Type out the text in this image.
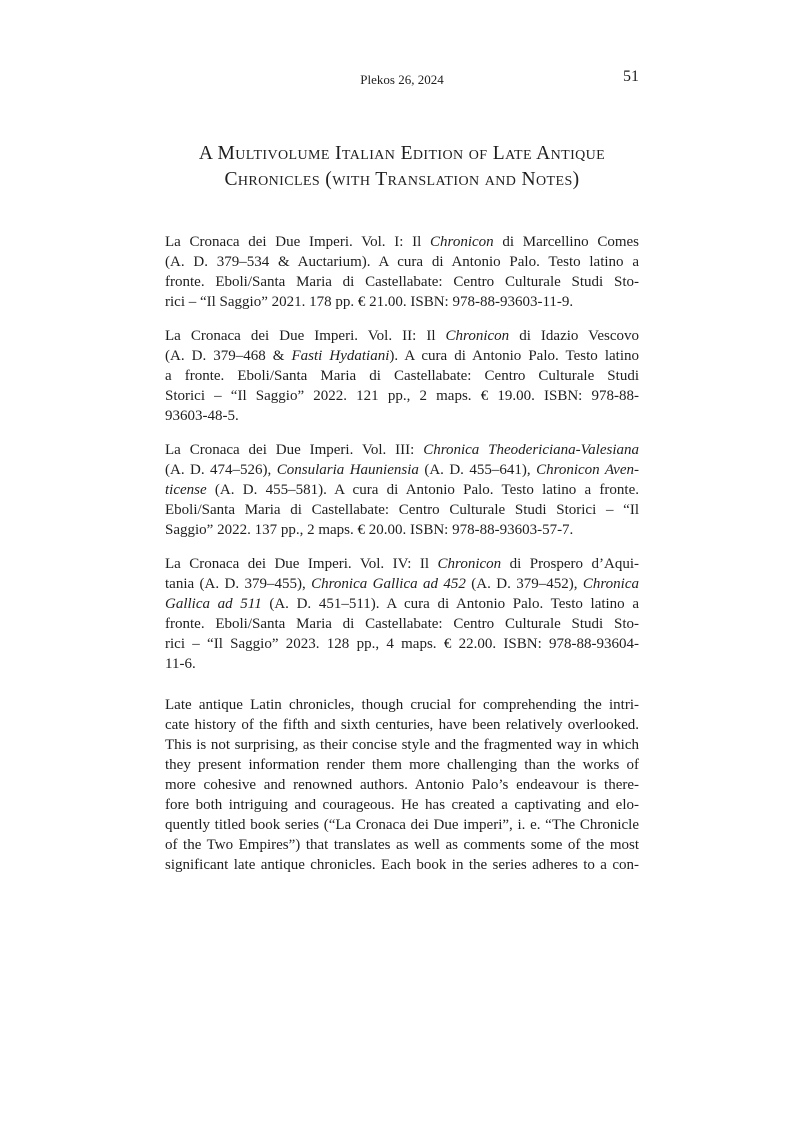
Plekos 26, 2024	51
A Multivolume Italian Edition of Late Antique
Chronicles (with Translation and Notes)

La Cronaca dei Due Imperi. Vol. I: Il Chronicon di Marcellino Comes
(A. D. 379–534 & Auctarium). A cura di Antonio Palo. Testo latino a
fronte. Eboli/Santa Maria di Castellabate: Centro Culturale Studi Sto-
rici – “Il Saggio” 2021. 178 pp. € 21.00. ISBN: 978-88-93603-11-9.

La Cronaca dei Due Imperi. Vol. II: Il Chronicon di Idazio Vescovo
(A. D. 379–468 & Fasti Hydatiani). A cura di Antonio Palo. Testo latino
a fronte. Eboli/Santa Maria di Castellabate: Centro Culturale Studi
Storici – “Il Saggio” 2022. 121 pp., 2 maps. € 19.00. ISBN: 978-88-
93603-48-5.

La Cronaca dei Due Imperi. Vol. III: Chronica Theodericiana-Valesiana
(A. D. 474–526), Consularia Hauniensia (A. D. 455–641), Chronicon Aven-
ticense (A. D. 455–581). A cura di Antonio Palo. Testo latino a fronte.
Eboli/Santa Maria di Castellabate: Centro Culturale Studi Storici – “Il
Saggio” 2022. 137 pp., 2 maps. € 20.00. ISBN: 978-88-93603-57-7.

La Cronaca dei Due Imperi. Vol. IV: Il Chronicon di Prospero d’Aqui-
tania (A. D. 379–455), Chronica Gallica ad 452 (A. D. 379–452), Chronica
Gallica ad 511 (A. D. 451–511). A cura di Antonio Palo. Testo latino a
fronte. Eboli/Santa Maria di Castellabate: Centro Culturale Studi Sto-
rici – “Il Saggio” 2023. 128 pp., 4 maps. € 22.00. ISBN: 978-88-93604-
11-6.

Late antique Latin chronicles, though crucial for comprehending the intri-
cate history of the fifth and sixth centuries, have been relatively overlooked.
This is not surprising, as their concise style and the fragmented way in which
they present information render them more challenging than the works of
more cohesive and renowned authors. Antonio Palo’s endeavour is there-
fore both intriguing and courageous. He has created a captivating and elo-
quently titled book series (“La Cronaca dei Due imperi”, i. e. “The Chronicle
of the Two Empires”) that translates as well as comments some of the most
significant late antique chronicles. Each book in the series adheres to a con-
